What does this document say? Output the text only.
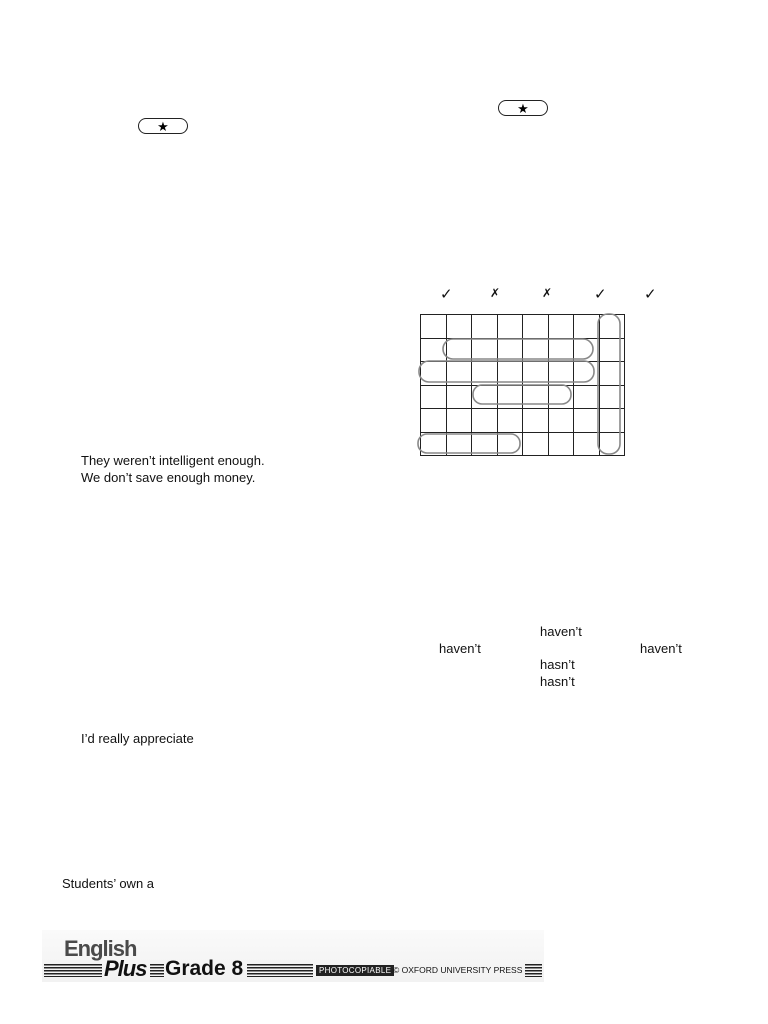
★
★
✓	✗	✗	✓ ✓

They weren’t intelligent enough.
We don’t save enough money.
I’d really appreciate
Students’ own a
haven’t
haven’t	haven’t
hasn’t
hasn’t
English
Plus Grade 8	PHOTOCOPIABLE © OXFORD UNIVERSITY PRESS
